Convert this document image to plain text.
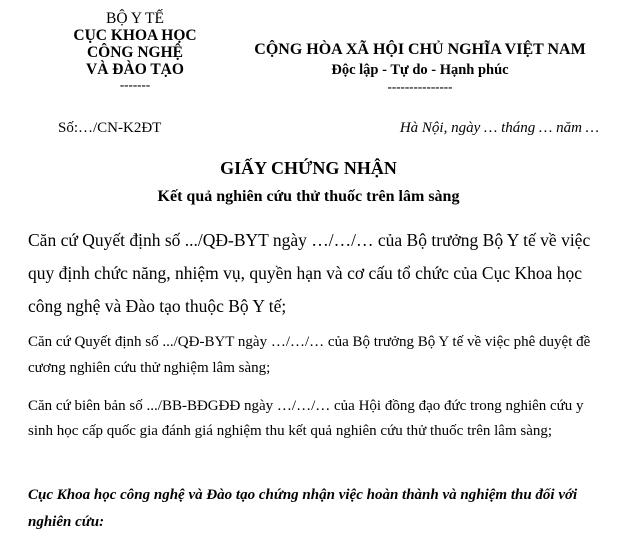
BỘ Y TẾ
CỤC KHOA HỌC
CÔNG NGHỆ
VÀ ĐÀO TẠO
-------
CỘNG HÒA XÃ HỘI CHỦ NGHĨA VIỆT NAM
Độc lập - Tự do - Hạnh phúc
---------------
Số:…/CN-K2ĐT	Hà Nội, ngày … tháng … năm …
GIẤY CHỨNG NHẬN
Kết quả nghiên cứu thử thuốc trên lâm sàng
Căn cứ Quyết định số .../QĐ-BYT ngày …/…/… của Bộ trưởng Bộ Y tế về việc quy định chức năng, nhiệm vụ, quyền hạn và cơ cấu tổ chức của Cục Khoa học công nghệ và Đào tạo thuộc Bộ Y tế;
Căn cứ Quyết định số .../QĐ-BYT ngày …/…/… của Bộ trưởng Bộ Y tế về việc phê duyệt đề cương nghiên cứu thử nghiệm lâm sàng;
Căn cứ biên bản số .../BB-BĐGĐĐ ngày …/…/… của Hội đồng đạo đức trong nghiên cứu y sinh học cấp quốc gia đánh giá nghiệm thu kết quả nghiên cứu thử thuốc trên lâm sàng;
Cục Khoa học công nghệ và Đào tạo chứng nhận việc hoàn thành và nghiệm thu đối với nghiên cứu:
